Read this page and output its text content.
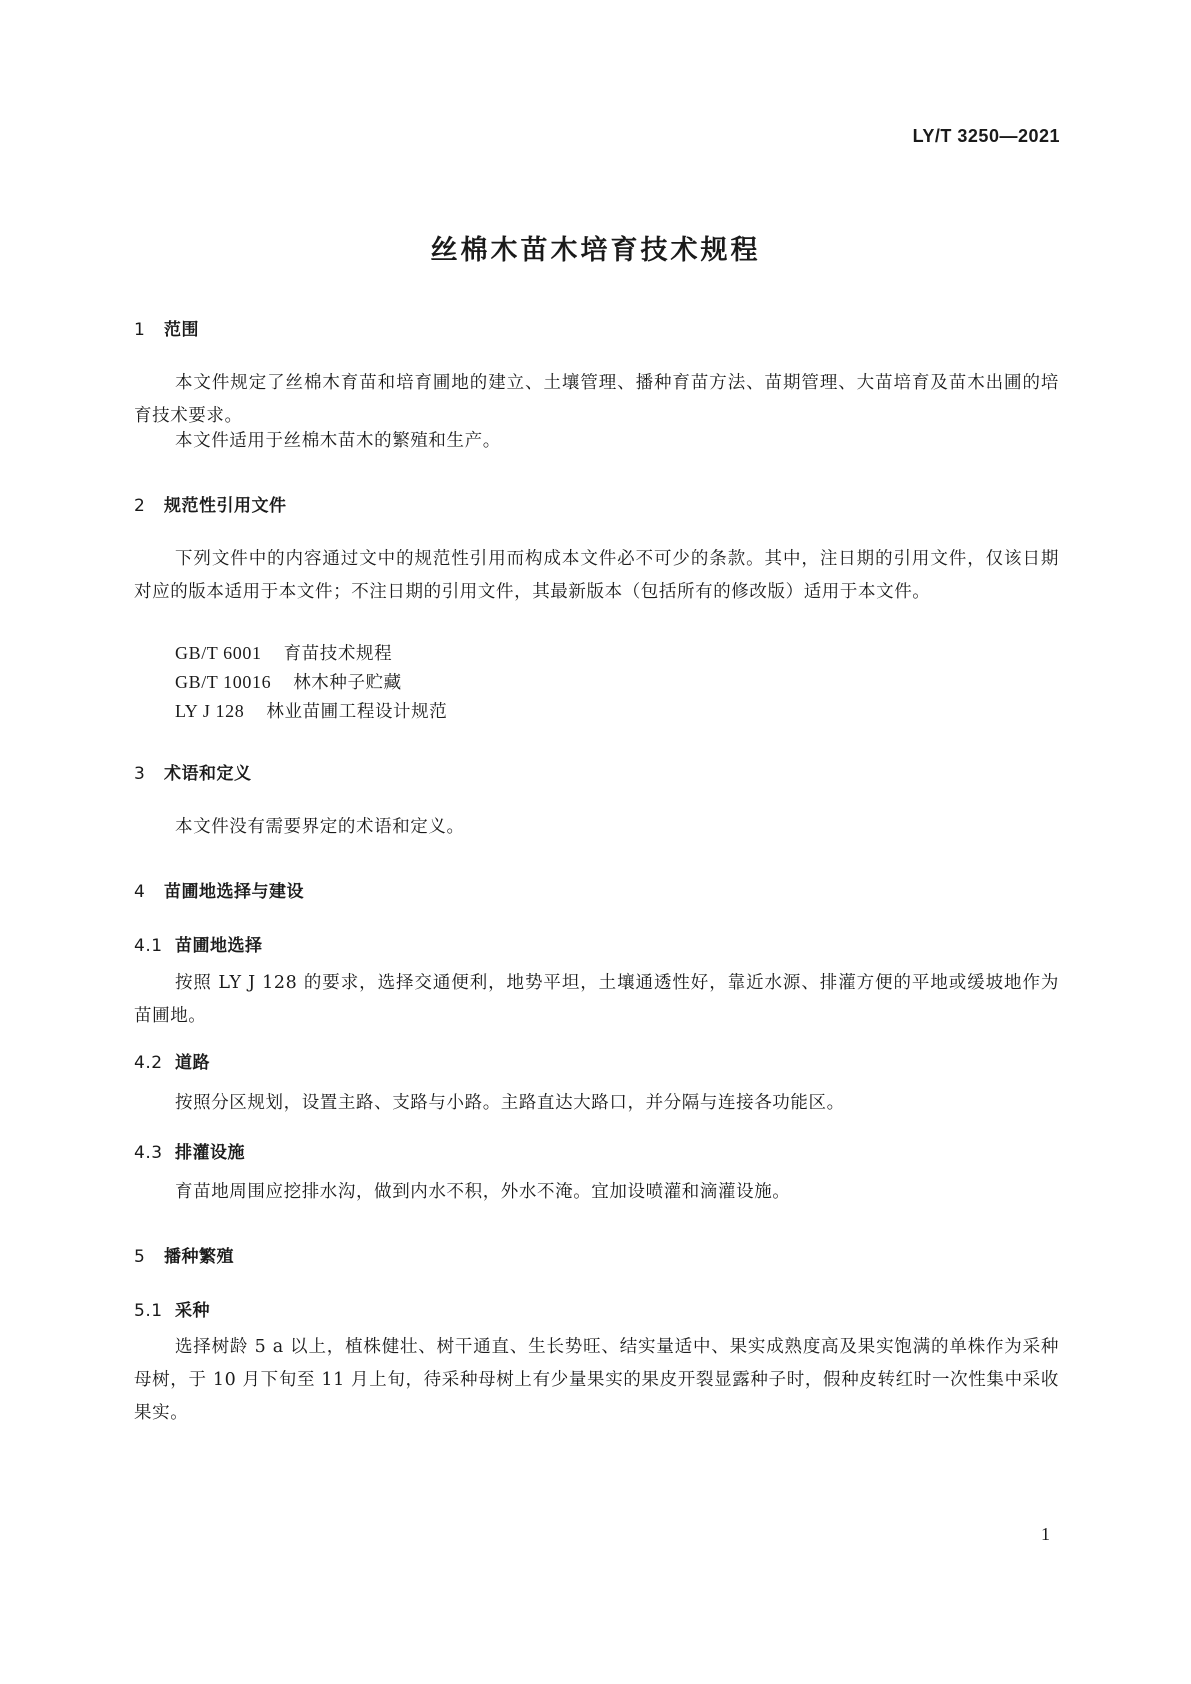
LY/T 3250—2021
丝棉木苗木培育技术规程
1 范围
本文件规定了丝棉木育苗和培育圃地的建立、土壤管理、播种育苗方法、苗期管理、大苗培育及苗木出圃的培育技术要求。
本文件适用于丝棉木苗木的繁殖和生产。
2 规范性引用文件
下列文件中的内容通过文中的规范性引用而构成本文件必不可少的条款。其中，注日期的引用文件，仅该日期对应的版本适用于本文件；不注日期的引用文件，其最新版本（包括所有的修改版）适用于本文件。
GB/T 6001 育苗技术规程
GB/T 10016 林木种子贮藏
LY J 128 林业苗圃工程设计规范
3 术语和定义
本文件没有需要界定的术语和定义。
4 苗圃地选择与建设
4.1 苗圃地选择
按照 LY J 128 的要求，选择交通便利，地势平坦，土壤通透性好，靠近水源、排灌方便的平地或缓坡地作为苗圃地。
4.2 道路
按照分区规划，设置主路、支路与小路。主路直达大路口，并分隔与连接各功能区。
4.3 排灌设施
育苗地周围应挖排水沟，做到内水不积，外水不淹。宜加设喷灌和滴灌设施。
5 播种繁殖
5.1 采种
选择树龄 5 a 以上，植株健壮、树干通直、生长势旺、结实量适中、果实成熟度高及果实饱满的单株作为采种母树，于 10 月下旬至 11 月上旬，待采种母树上有少量果实的果皮开裂显露种子时，假种皮转红时一次性集中采收果实。
1
